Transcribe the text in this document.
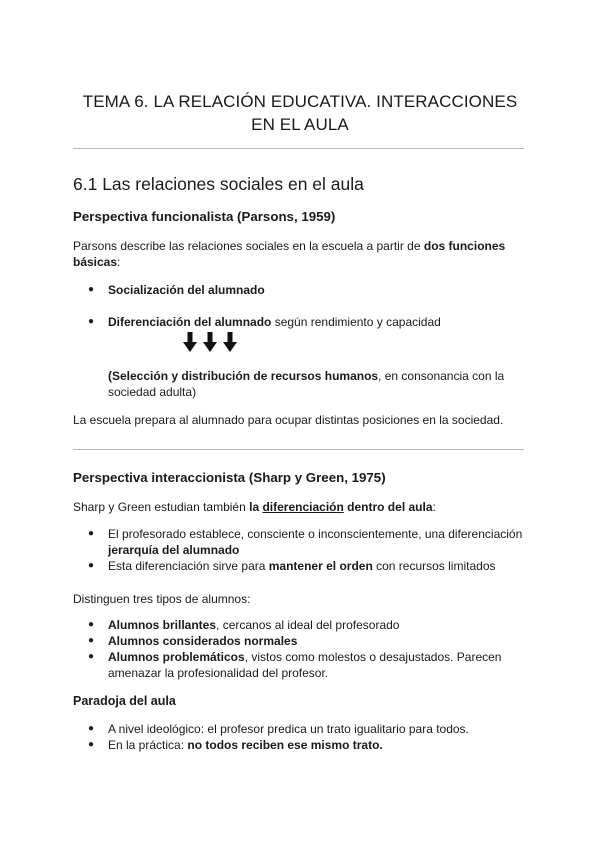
TEMA 6. LA RELACIÓN EDUCATIVA. INTERACCIONES
EN EL AULA
6.1 Las relaciones sociales en el aula
Perspectiva funcionalista (Parsons, 1959)
Parsons describe las relaciones sociales en la escuela a partir de dos funciones
básicas:
●	Socialización del alumnado
●	Diferenciación del alumnado según rendimiento y capacidad
(Selección y distribución de recursos humanos, en consonancia con la
sociedad adulta)
La escuela prepara al alumnado para ocupar distintas posiciones en la sociedad.
Perspectiva interaccionista (Sharp y Green, 1975)
Sharp y Green estudian también la diferenciación dentro del aula:
●	El profesorado establece, consciente o inconscientemente, una diferenciación
jerarquía del alumnado
●	Esta diferenciación sirve para mantener el orden con recursos limitados
Distinguen tres tipos de alumnos:
●	Alumnos brillantes, cercanos al ideal del profesorado
●	Alumnos considerados normales
●	Alumnos problemáticos, vistos como molestos o desajustados. Parecen
amenazar la profesionalidad del profesor.
Paradoja del aula
●	A nivel ideológico: el profesor predica un trato igualitario para todos.
●	En la práctica: no todos reciben ese mismo trato.
